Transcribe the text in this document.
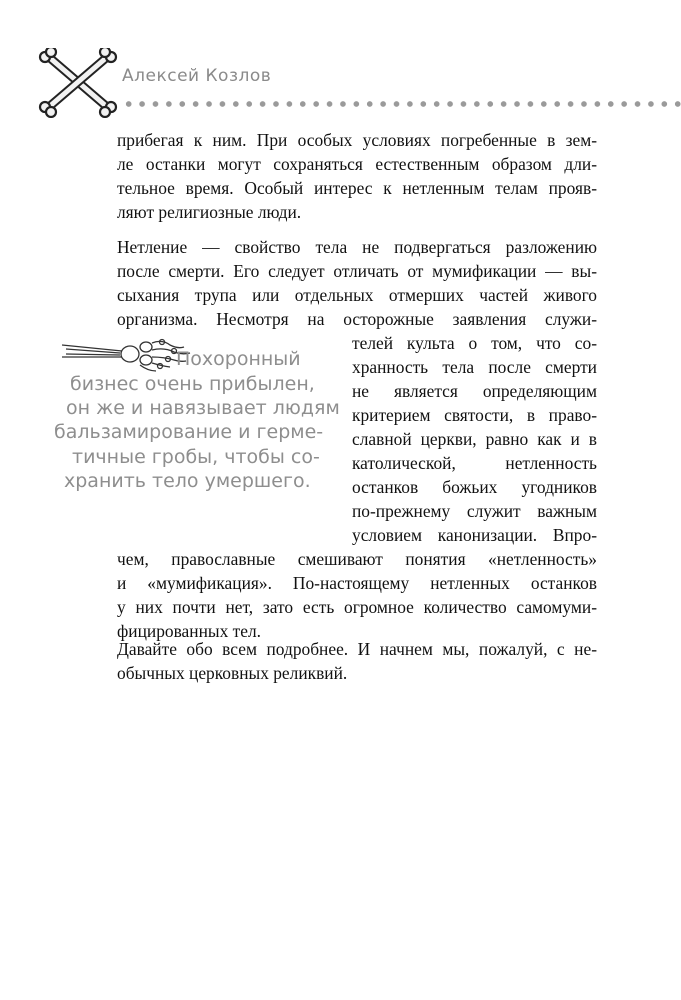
Алексей Козлов
прибегая к ним. При особых условиях погребенные в зем-
ле останки могут сохраняться естественным образом дли-
тельное время. Особый интерес к нетленным телам прояв-
ляют религиозные люди.
Нетление — свойство тела не подвергаться разложению
после смерти. Его следует отличать от мумификации — вы-
сыхания трупа или отдельных отмерших частей живого
организма. Несмотря на осторожные заявления служи-
телей культа о том, что со-
хранность тела после смерти
не является определяющим
критерием святости, в право-
славной церкви, равно как и в
католической, нетленность
останков божьих угодников
по-прежнему служит важным
условием канонизации. Впро-
чем, православные смешивают понятия «нетленность»
и «мумификация». По-настоящему нетленных останков
у них почти нет, зато есть огромное количество самомуми-
фицированных тел.
Давайте обо всем подробнее. И начнем мы, пожалуй, с не-
обычных церковных реликвий.
Похоронный
бизнес очень прибылен,
он же и навязывает людям
бальзамирование и герме-
тичные гробы, чтобы со-
хранить тело умершего.
